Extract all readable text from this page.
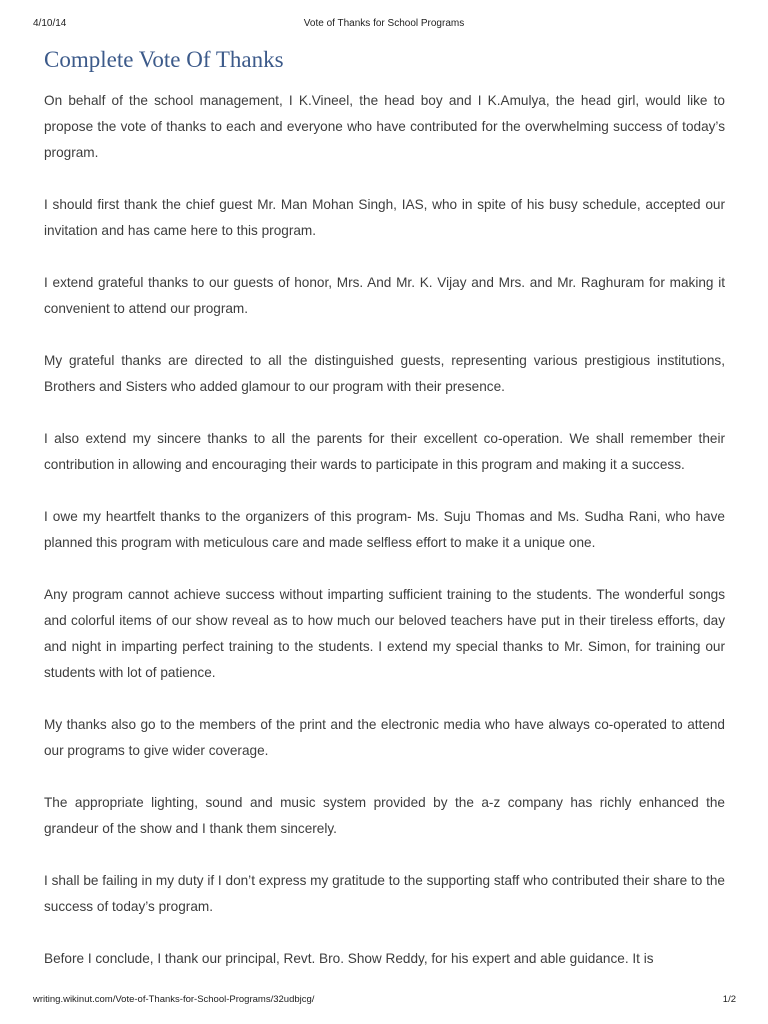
4/10/14	Vote of Thanks for School Programs
Complete Vote Of Thanks

On behalf of the school management, I K.Vineel, the head boy and I K.Amulya, the head girl, would like to propose the vote of thanks to each and everyone who have contributed for the overwhelming success of today’s program.

I should first thank the chief guest Mr. Man Mohan Singh, IAS, who in spite of his busy schedule, accepted our invitation and has came here to this program.

I extend grateful thanks to our guests of honor, Mrs. And Mr. K. Vijay and Mrs. and Mr. Raghuram for making it convenient to attend our program.

My grateful thanks are directed to all the distinguished guests, representing various prestigious institutions, Brothers and Sisters who added glamour to our program with their presence.

I also extend my sincere thanks to all the parents for their excellent co-operation. We shall remember their contribution in allowing and encouraging their wards to participate in this program and making it a success.

I owe my heartfelt thanks to the organizers of this program- Ms. Suju Thomas and Ms. Sudha Rani, who have planned this program with meticulous care and made selfless effort to make it a unique one.

Any program cannot achieve success without imparting sufficient training to the students. The wonderful songs and colorful items of our show reveal as to how much our beloved teachers have put in their tireless efforts, day and night in imparting perfect training to the students. I extend my special thanks to Mr. Simon, for training our students with lot of patience.

My thanks also go to the members of the print and the electronic media who have always co-operated to attend our programs to give wider coverage.

The appropriate lighting, sound and music system provided by the a-z company has richly enhanced the grandeur of the show and I thank them sincerely.

I shall be failing in my duty if I don’t express my gratitude to the supporting staff who contributed their share to the success of today’s program.

Before I conclude, I thank our principal, Revt. Bro. Show Reddy, for his expert and able guidance. It is

writing.wikinut.com/Vote-of-Thanks-for-School-Programs/32udbjcg/	1/2
